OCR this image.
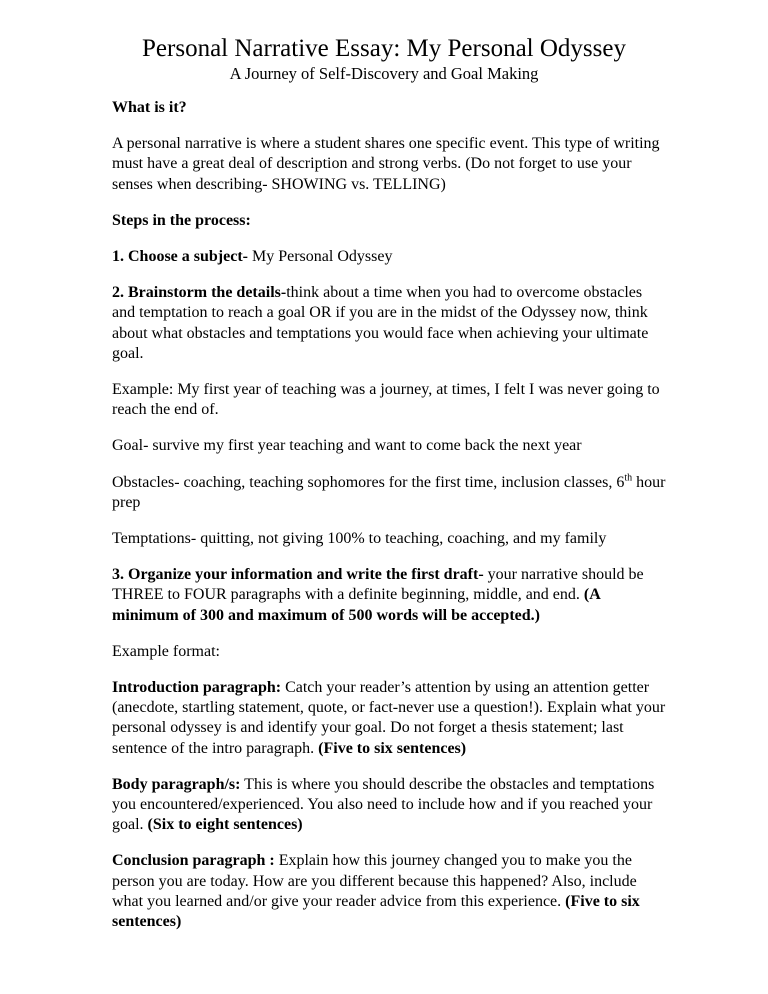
Personal Narrative Essay: My Personal Odyssey
A Journey of Self-Discovery and Goal Making

What is it?

A personal narrative is where a student shares one specific event. This type of writing must have a great deal of description and strong verbs. (Do not forget to use your senses when describing- SHOWING vs. TELLING)

Steps in the process:

1. Choose a subject- My Personal Odyssey

2. Brainstorm the details-think about a time when you had to overcome obstacles and temptation to reach a goal OR if you are in the midst of the Odyssey now, think about what obstacles and temptations you would face when achieving your ultimate goal.

Example: My first year of teaching was a journey, at times, I felt I was never going to reach the end of.

Goal- survive my first year teaching and want to come back the next year

Obstacles- coaching, teaching sophomores for the first time, inclusion classes, 6th hour prep

Temptations- quitting, not giving 100% to teaching, coaching, and my family

3. Organize your information and write the first draft- your narrative should be THREE to FOUR paragraphs with a definite beginning, middle, and end. (A minimum of 300 and maximum of 500 words will be accepted.)

Example format:

Introduction paragraph: Catch your reader’s attention by using an attention getter (anecdote, startling statement, quote, or fact-never use a question!). Explain what your personal odyssey is and identify your goal. Do not forget a thesis statement; last sentence of the intro paragraph. (Five to six sentences)

Body paragraph/s: This is where you should describe the obstacles and temptations you encountered/experienced. You also need to include how and if you reached your goal. (Six to eight sentences)

Conclusion paragraph : Explain how this journey changed you to make you the person you are today. How are you different because this happened? Also, include what you learned and/or give your reader advice from this experience. (Five to six sentences)
